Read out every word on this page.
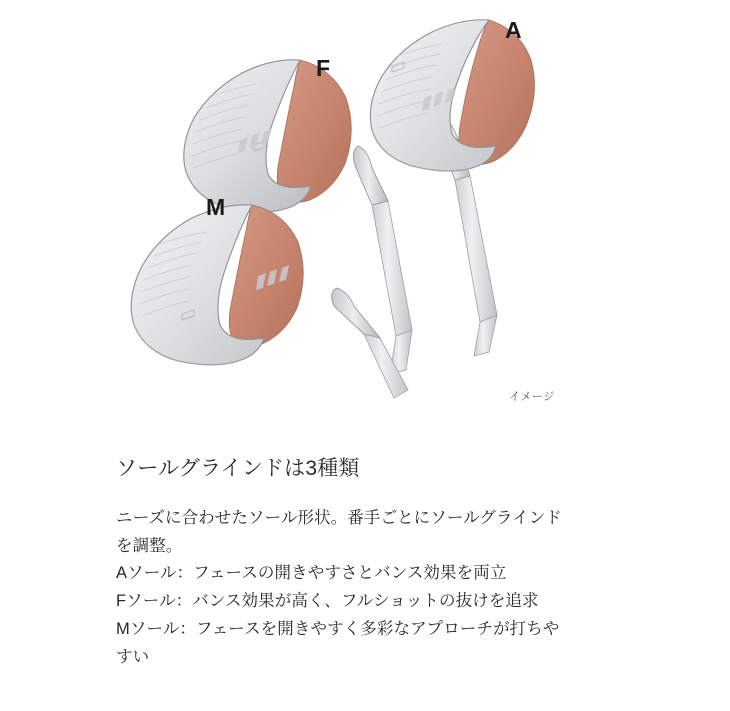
A
F
M
イメージ
ソールグラインドは3種類

ニーズに合わせたソール形状。番手ごとにソールグラインド

を調整。

Aソール：フェースの開きやすさとバンス効果を両立

Fソール：バンス効果が高く、フルショットの抜けを追求

Mソール：フェースを開きやすく多彩なアプローチが打ちや

すい
